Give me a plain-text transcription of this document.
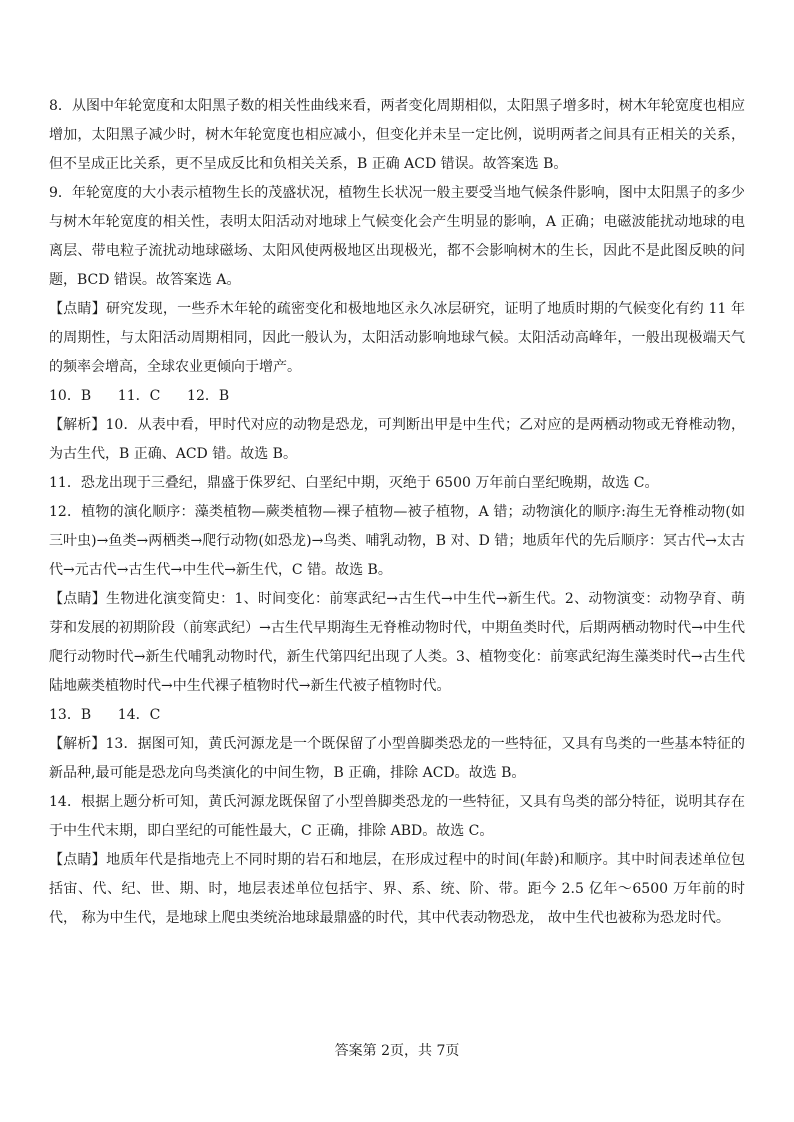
8．从图中年轮宽度和太阳黑子数的相关性曲线来看，两者变化周期相似，太阳黑子增多时，树木年轮宽度也相应增加，太阳黑子减少时，树木年轮宽度也相应减小，但变化并未呈一定比例，说明两者之间具有正相关的关系，但不呈成正比关系，更不呈成反比和负相关关系，B 正确 ACD 错误。故答案选 B。

9．年轮宽度的大小表示植物生长的茂盛状况，植物生长状况一般主要受当地气候条件影响，图中太阳黑子的多少与树木年轮宽度的相关性，表明太阳活动对地球上气候变化会产生明显的影响，A 正确；电磁波能扰动地球的电离层、带电粒子流扰动地球磁场、太阳风使两极地区出现极光，都不会影响树木的生长，因此不是此图反映的问题，BCD 错误。故答案选 A。

【点睛】研究发现，一些乔木年轮的疏密变化和极地地区永久冰层研究，证明了地质时期的气候变化有约 11 年的周期性，与太阳活动周期相同，因此一般认为，太阳活动影响地球气候。太阳活动高峰年，一般出现极端天气的频率会增高，全球农业更倾向于增产。

10．B      11．C      12．B

【解析】10．从表中看，甲时代对应的动物是恐龙，可判断出甲是中生代；乙对应的是两栖动物或无脊椎动物，为古生代，B 正确、ACD 错。故选 B。

11．恐龙出现于三叠纪，鼎盛于侏罗纪、白垩纪中期，灭绝于 6500 万年前白垩纪晚期，故选 C。

12．植物的演化顺序：藻类植物—蕨类植物—裸子植物—被子植物，A 错；动物演化的顺序:海生无脊椎动物(如三叶虫)→鱼类→两栖类→爬行动物(如恐龙)→鸟类、哺乳动物，B 对、D 错；地质年代的先后顺序：冥古代→太古代→元古代→古生代→中生代→新生代，C 错。故选 B。

【点睛】生物进化演变简史：1、时间变化：前寒武纪→古生代→中生代→新生代。2、动物演变：动物孕育、萌芽和发展的初期阶段（前寒武纪）→古生代早期海生无脊椎动物时代，中期鱼类时代，后期两栖动物时代→中生代爬行动物时代→新生代哺乳动物时代，新生代第四纪出现了人类。3、植物变化：前寒武纪海生藻类时代→古生代陆地蕨类植物时代→中生代裸子植物时代→新生代被子植物时代。

13．B      14．C

【解析】13．据图可知，黄氏河源龙是一个既保留了小型兽脚类恐龙的一些特征，又具有鸟类的一些基本特征的新品种,最可能是恐龙向鸟类演化的中间生物，B 正确，排除 ACD。故选 B。

14．根据上题分析可知，黄氏河源龙既保留了小型兽脚类恐龙的一些特征，又具有鸟类的部分特征，说明其存在于中生代末期，即白垩纪的可能性最大，C 正确，排除 ABD。故选 C。

【点睛】地质年代是指地壳上不同时期的岩石和地层，在形成过程中的时间(年龄)和顺序。其中时间表述单位包括宙、代、纪、世、期、时，地层表述单位包括宇、界、系、统、阶、带。距今 2.5 亿年～6500 万年前的时代， 称为中生代，是地球上爬虫类统治地球最鼎盛的时代，其中代表动物恐龙， 故中生代也被称为恐龙时代。

答案第 2页，共 7页
